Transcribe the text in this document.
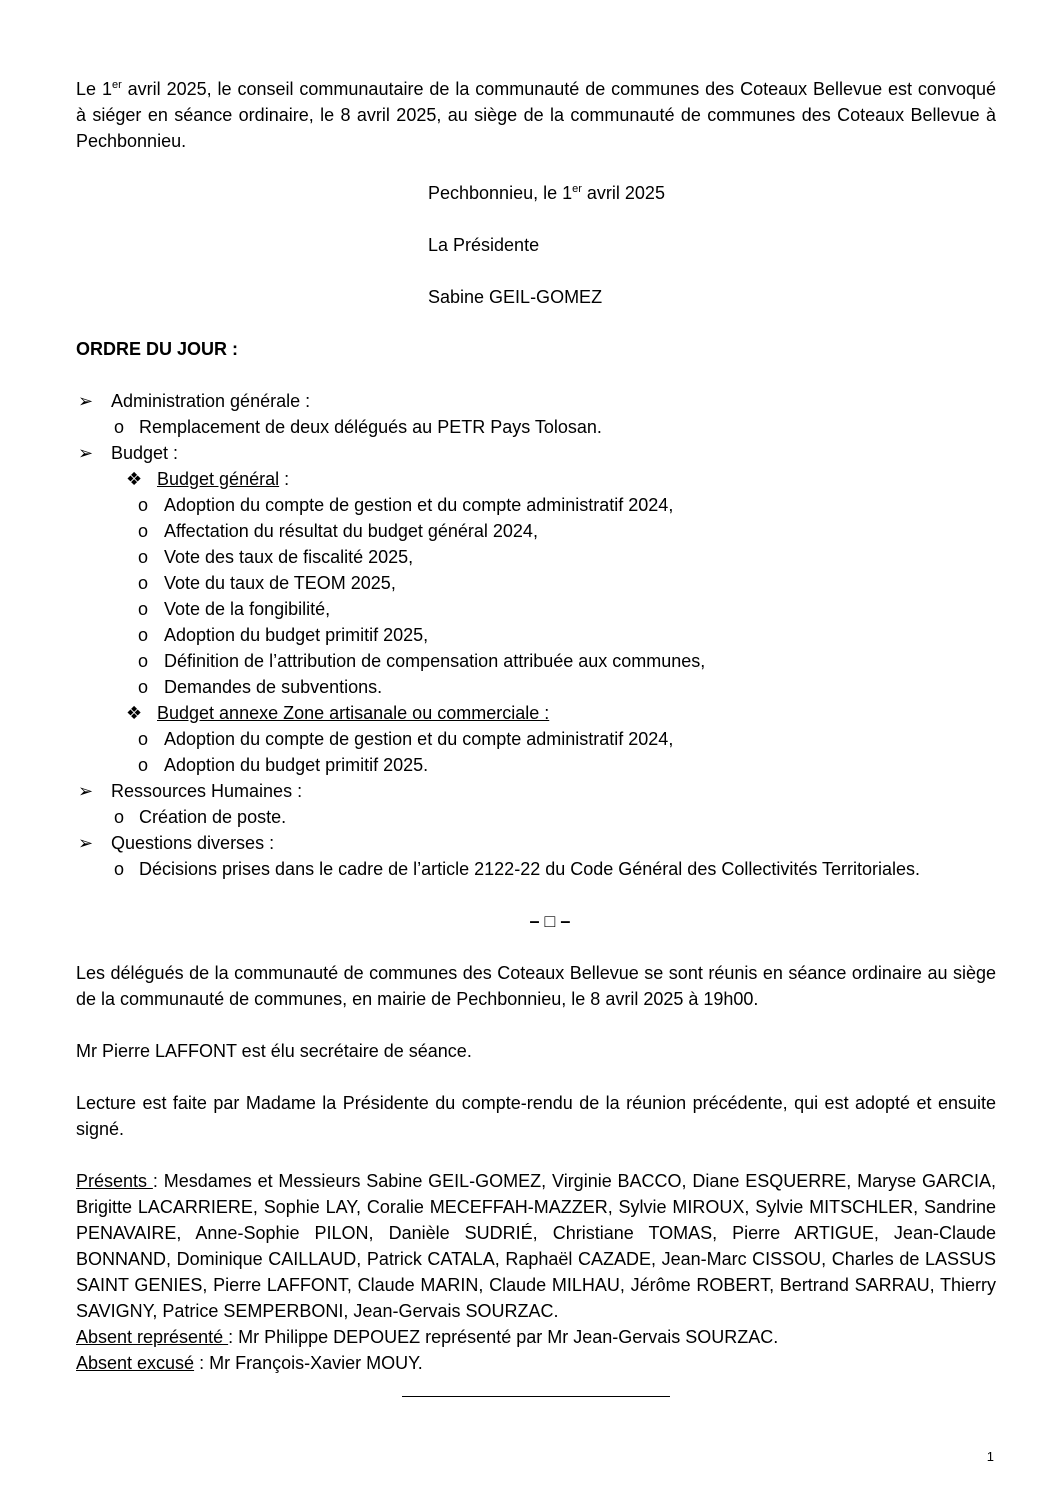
Le 1er avril 2025, le conseil communautaire de la communauté de communes des Coteaux Bellevue est convoqué à siéger en séance ordinaire, le 8 avril 2025, au siège de la communauté de communes des Coteaux Bellevue à Pechbonnieu.

Pechbonnieu, le 1er avril 2025

La Présidente

Sabine GEIL-GOMEZ

ORDRE DU JOUR :

➢ Administration générale :
o Remplacement de deux délégués au PETR Pays Tolosan.
➢ Budget :
❖ Budget général :
o Adoption du compte de gestion et du compte administratif 2024,
o Affectation du résultat du budget général 2024,
o Vote des taux de fiscalité 2025,
o Vote du taux de TEOM 2025,
o Vote de la fongibilité,
o Adoption du budget primitif 2025,
o Définition de l’attribution de compensation attribuée aux communes,
o Demandes de subventions.
❖ Budget annexe Zone artisanale ou commerciale :
o Adoption du compte de gestion et du compte administratif 2024,
o Adoption du budget primitif 2025.
➢ Ressources Humaines :
o Création de poste.
➢ Questions diverses :
o Décisions prises dans le cadre de l’article 2122-22 du Code Général des Collectivités Territoriales.

– □ –

Les délégués de la communauté de communes des Coteaux Bellevue se sont réunis en séance ordinaire au siège de la communauté de communes, en mairie de Pechbonnieu, le 8 avril 2025 à 19h00.

Mr Pierre LAFFONT est élu secrétaire de séance.

Lecture est faite par Madame la Présidente du compte-rendu de la réunion précédente, qui est adopté et ensuite signé.

Présents : Mesdames et Messieurs Sabine GEIL-GOMEZ, Virginie BACCO, Diane ESQUERRE, Maryse GARCIA, Brigitte LACARRIERE, Sophie LAY, Coralie MECEFFAH-MAZZER, Sylvie MIROUX, Sylvie MITSCHLER, Sandrine PENAVAIRE, Anne-Sophie PILON, Danièle SUDRIÉ, Christiane TOMAS, Pierre ARTIGUE, Jean-Claude BONNAND, Dominique CAILLAUD, Patrick CATALA, Raphaël CAZADE, Jean-Marc CISSOU, Charles de LASSUS SAINT GENIES, Pierre LAFFONT, Claude MARIN, Claude MILHAU, Jérôme ROBERT, Bertrand SARRAU, Thierry SAVIGNY, Patrice SEMPERBONI, Jean-Gervais SOURZAC.

Absent représenté : Mr Philippe DEPOUEZ représenté par Mr Jean-Gervais SOURZAC.

Absent excusé : Mr François-Xavier MOUY.

1
